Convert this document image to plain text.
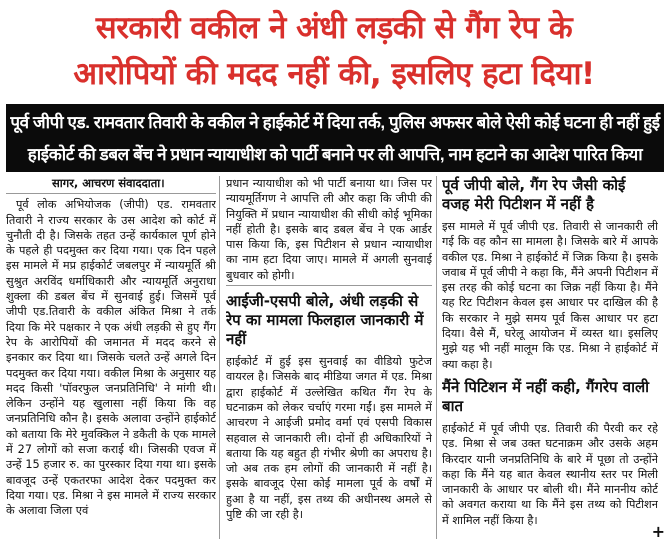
सरकारी वकील ने अंधी लड़की से गैंग रेप के
आरोपियों की मदद नहीं की, इसलिए हटा दिया!
पूर्व जीपी एड. रामवतार तिवारी के वकील ने हाईकोर्ट में दिया तर्क, पुलिस अफसर बोले ऐसी कोई घटना ही नहीं हुई
हाईकोर्ट की डबल बेंच ने प्रधान न्यायाधीश को पार्टी बनाने पर ली आपत्ति, नाम हटाने का आदेश पारित किया
सागर, आचरण संवाददाता।

पूर्व लोक अभियोजक (जीपी) एड. रामवतार तिवारी ने राज्य सरकार के उस आदेश को कोर्ट में चुनौती दी है। जिसके तहत उन्हें कार्यकाल पूर्ण होने के पहले ही पदमुक्त कर दिया गया। एक दिन पहले इस मामले में मप्र हाईकोर्ट जबलपुर में न्यायमूर्ति श्री सुश्रुत अरविंद धर्माधिकारी और न्यायमूर्ति अनुराधा शुक्ला की डबल बेंच में सुनवाई हुई। जिसमें पूर्व जीपी एड.तिवारी के वकील अंकित मिश्रा ने तर्क दिया कि मेरे पक्षकार ने एक अंधी लड़की से हुए गैंग रेप के आरोपियों की जमानत में मदद करने से इनकार कर दिया था। जिसके चलते उन्हें अगले दिन पदमुक्त कर दिया गया। वकील मिश्रा के अनुसार यह मदद किसी 'पॉवरफुल जनप्रतिनिधि' ने मांगी थी। लेकिन उन्होंने यह खुलासा नहीं किया कि वह जनप्रतिनिधि कौन है। इसके अलावा उन्होंने हाईकोर्ट को बताया कि मेरे मुवक्किल ने डकैती के एक मामले में 27 लोगों को सजा कराई थी। जिसकी एवज में उन्हें 15 हजार रु. का पुरस्कार दिया गया था। इसके बावजूद उन्हें एकतरफा आदेश देकर पदमुक्त कर दिया गया। एड. मिश्रा ने इस मामले में राज्य सरकार के अलावा जिला एवं

प्रधान न्यायाधीश को भी पार्टी बनाया था। जिस पर न्यायमूर्तिगण ने आपत्ति ली और कहा कि जीपी की नियुक्ति में प्रधान न्यायाधीश की सीधी कोई भूमिका नहीं होती है। इसके बाद डबल बेंच ने एक आर्डर पास किया कि, इस पिटीशन से प्रधान न्यायाधीश का नाम हटा दिया जाए। मामले में अगली सुनवाई बुधवार को होगी।

आईजी-एसपी बोले, अंधी लड़की से रेप का मामला फिलहाल जानकारी में नहीं

हाईकोर्ट में हुई इस सुनवाई का वीडियो फुटेज वायरल है। जिसके बाद मीडिया जगत में एड. मिश्रा द्वारा हाईकोर्ट में उल्लेखित कथित गैंग रेप के घटनाक्रम को लेकर चर्चाएं गरमा गईं। इस मामले में आचरण ने आईजी प्रमोद वर्मा एवं एसपी विकास सहवाल से जानकारी ली। दोनों ही अधिकारियों ने बताया कि यह बहुत ही गंभीर श्रेणी का अपराध है। जो अब तक हम लोगों की जानकारी में नहीं है। इसके बावजूद ऐसा कोई मामला पूर्व के वर्षों में हुआ है या नहीं, इस तथ्य की अधीनस्थ अमले से पुष्टि की जा रही है।

पूर्व जीपी बोले, गैंग रेप जैसी कोई वजह मेरी पिटीशन में नहीं है

इस मामले में पूर्व जीपी एड. तिवारी से जानकारी ली गई कि वह कौन सा मामला है। जिसके बारे में आपके वकील एड. मिश्रा ने हाईकोर्ट में जिक्र किया है। इसके जवाब में पूर्व जीपी ने कहा कि, मैंने अपनी पिटीशन में इस तरह की कोई घटना का जिक्र नहीं किया है। मैंने यह रिट पिटीशन केवल इस आधार पर दाखिल की है कि सरकार ने मुझे समय पूर्व किस आधार पर हटा दिया। वैसे मैं, घरेलू आयोजन में व्यस्त था। इसलिए मुझे यह भी नहीं मालूम कि एड. मिश्रा ने हाईकोर्ट में क्या कहा है।

मैंने पिटिशन में नहीं कही, गैंगरेप वाली बात

हाईकोर्ट में पूर्व जीपी एड. तिवारी की पैरवी कर रहे एड. मिश्रा से जब उक्त घटनाक्रम और उसके अहम किरदार यानी जनप्रतिनिधि के बारे में पूछा तो उन्होंने कहा कि मैंने यह बात केवल स्थानीय स्तर पर मिली जानकारी के आधार पर बोली थी। मैंने माननीय कोर्ट को अवगत कराया था कि मैंने इस तथ्य को पिटीशन में शामिल नहीं किया है।

+
